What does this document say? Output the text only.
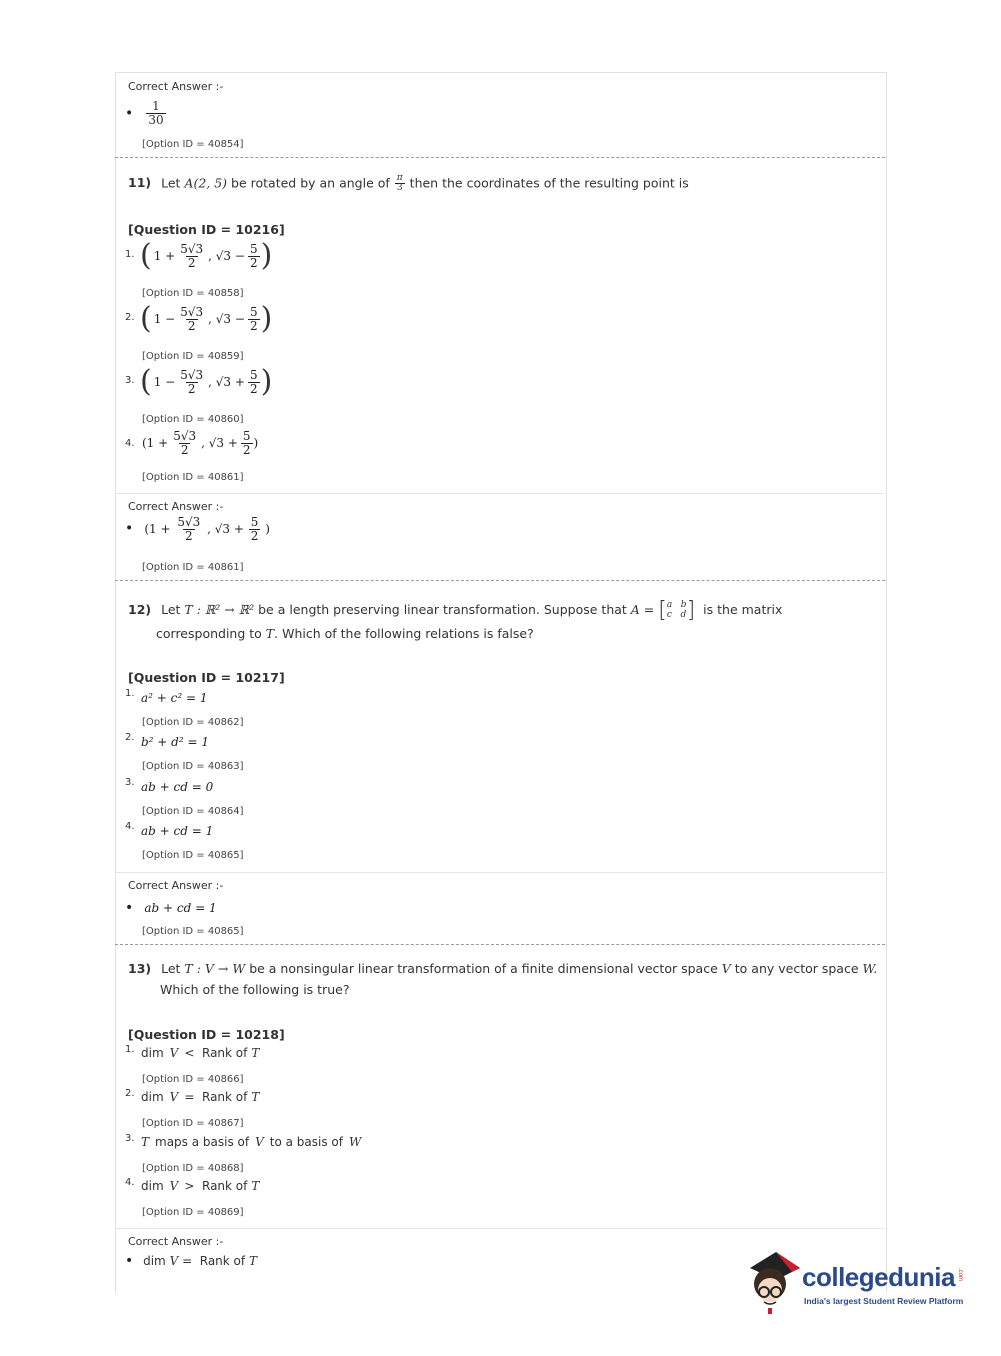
Correct Answer :-
• $\frac{1}{30}$
[Option ID = 40854]
11) Let A(2, 5) be rotated by an angle of $\frac{\pi}{3}$ then the coordinates of the resulting point is
[Question ID = 10216]
1. ( $1 + \frac{5√3}{2}$ , $√3 - \frac{5}{2}$ )
[Option ID = 40858]
2. ( $1 - \frac{5√3}{2}$ , $√3 - \frac{5}{2}$ )
[Option ID = 40859]
3. ( $1 - \frac{5√3}{2}$ , $√3 + \frac{5}{2}$ )
[Option ID = 40860]
4. ($1 + \frac{5√3}{2}$ , $√3 + \frac{5}{2}$ )
[Option ID = 40861]
Correct Answer :-
• ($1 + \frac{5√3}{2}$ , $√3 + \frac{5}{2}$ )
[Option ID = 40861]
12) Let T : ℝ² → ℝ² be a length preserving linear transformation. Suppose that A = [ a   b
c   d ] is the matrix
corresponding to T. Which of the following relations is false?
[Question ID = 10217]
1. a² + c² = 1
[Option ID = 40862]
2. b² + d² = 1
[Option ID = 40863]
3. ab + cd = 0
[Option ID = 40864]
4. ab + cd = 1
[Option ID = 40865]
Correct Answer :-
• ab + cd = 1
[Option ID = 40865]
13) Let T : V → W be a nonsingular linear transformation of a finite dimensional vector space V to any vector space W.
Which of the following is true?
[Question ID = 10218]
1. dim V <  Rank of T
[Option ID = 40866]
2. dim V =  Rank of T
[Option ID = 40867]
3. T maps a basis of V to a basis of W
[Option ID = 40868]
4. dim V >  Rank of T
[Option ID = 40869]
Correct Answer :-
• dim V =  Rank of T
collegedunia .com
India's largest Student Review Platform
